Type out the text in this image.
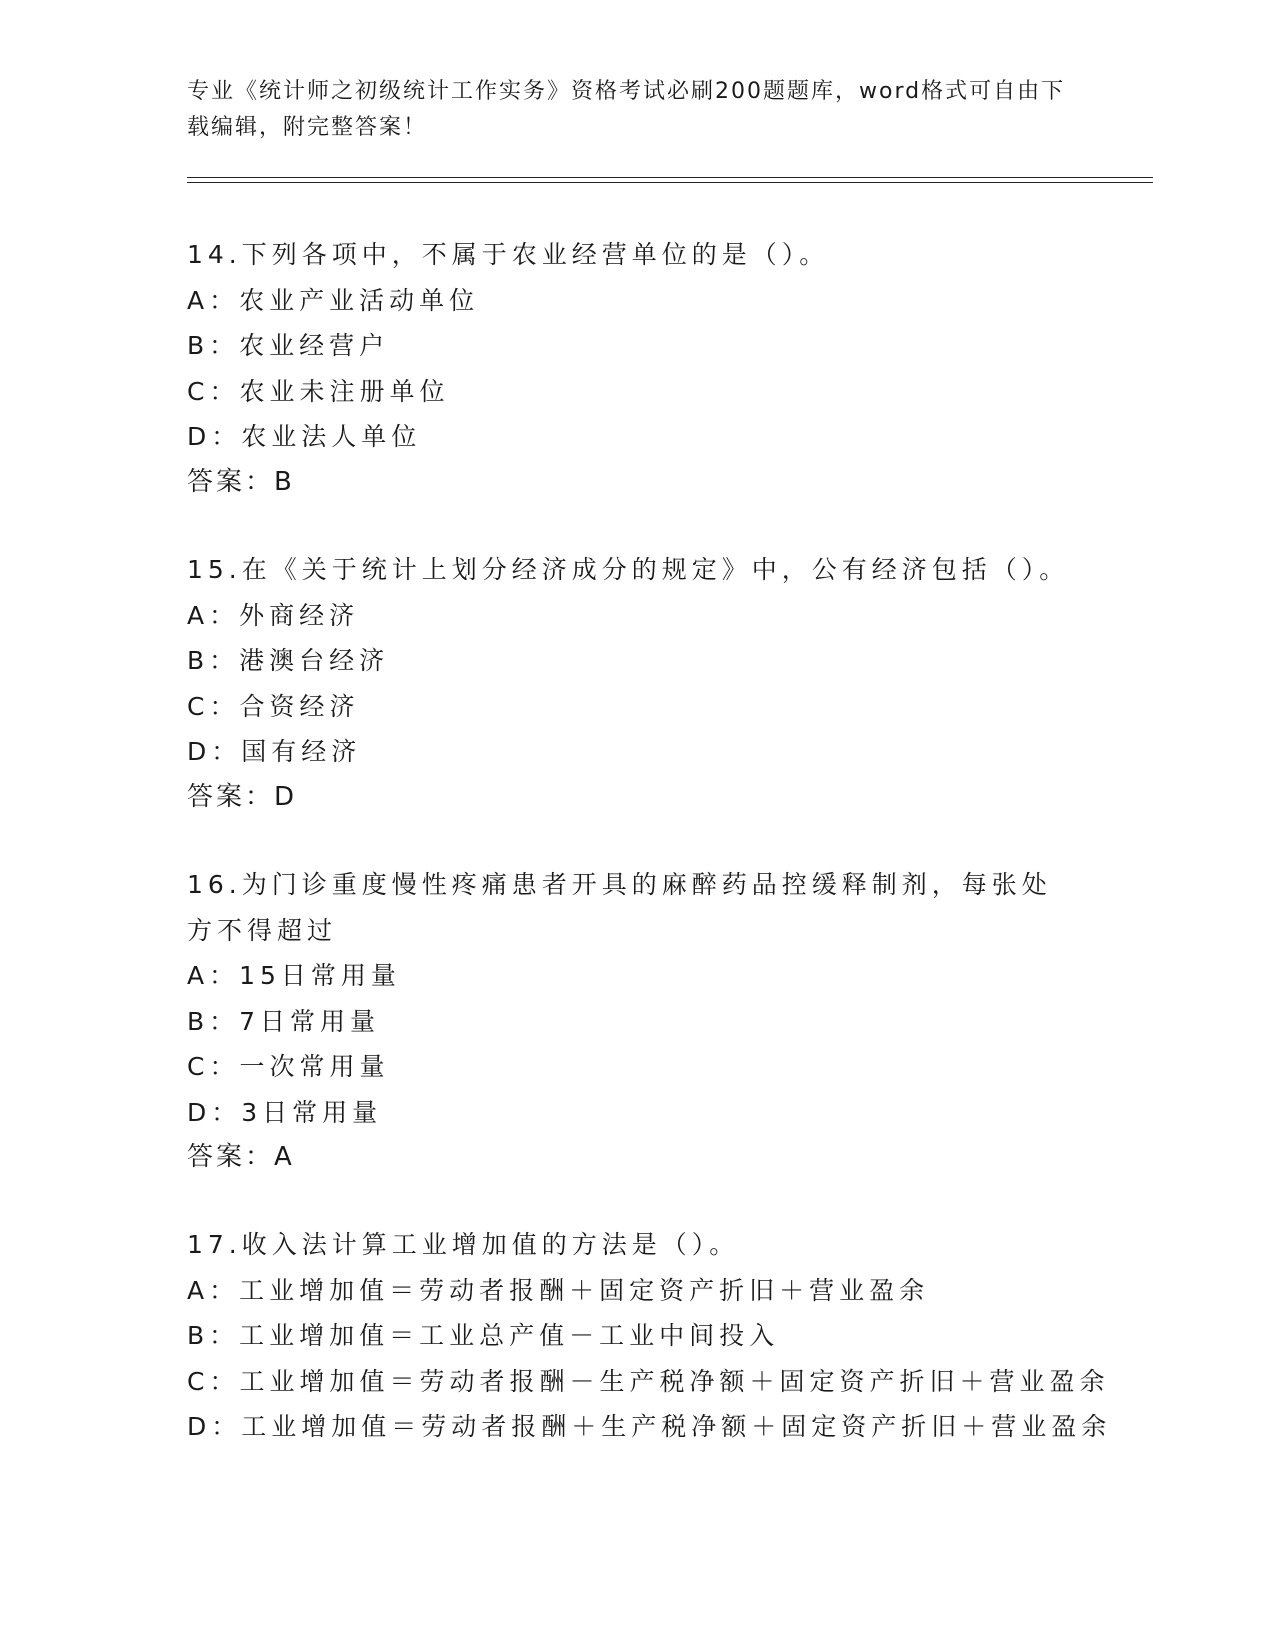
专业《统计师之初级统计工作实务》资格考试必刷200题题库，word格式可自由下载编辑，附完整答案！
14.下列各项中，不属于农业经营单位的是（）。
A：农业产业活动单位
B：农业经营户
C：农业未注册单位
D：农业法人单位
答案：B
15.在《关于统计上划分经济成分的规定》中，公有经济包括（）。
A：外商经济
B：港澳台经济
C：合资经济
D：国有经济
答案：D
16.为门诊重度慢性疼痛患者开具的麻醉药品控缓释制剂，每张处方不得超过
A：15日常用量
B：7日常用量
C：一次常用量
D：3日常用量
答案：A
17.收入法计算工业增加值的方法是（）。
A：工业增加值＝劳动者报酬＋固定资产折旧＋营业盈余
B：工业增加值＝工业总产值－工业中间投入
C：工业增加值＝劳动者报酬－生产税净额＋固定资产折旧＋营业盈余
D：工业增加值＝劳动者报酬＋生产税净额＋固定资产折旧＋营业盈余
